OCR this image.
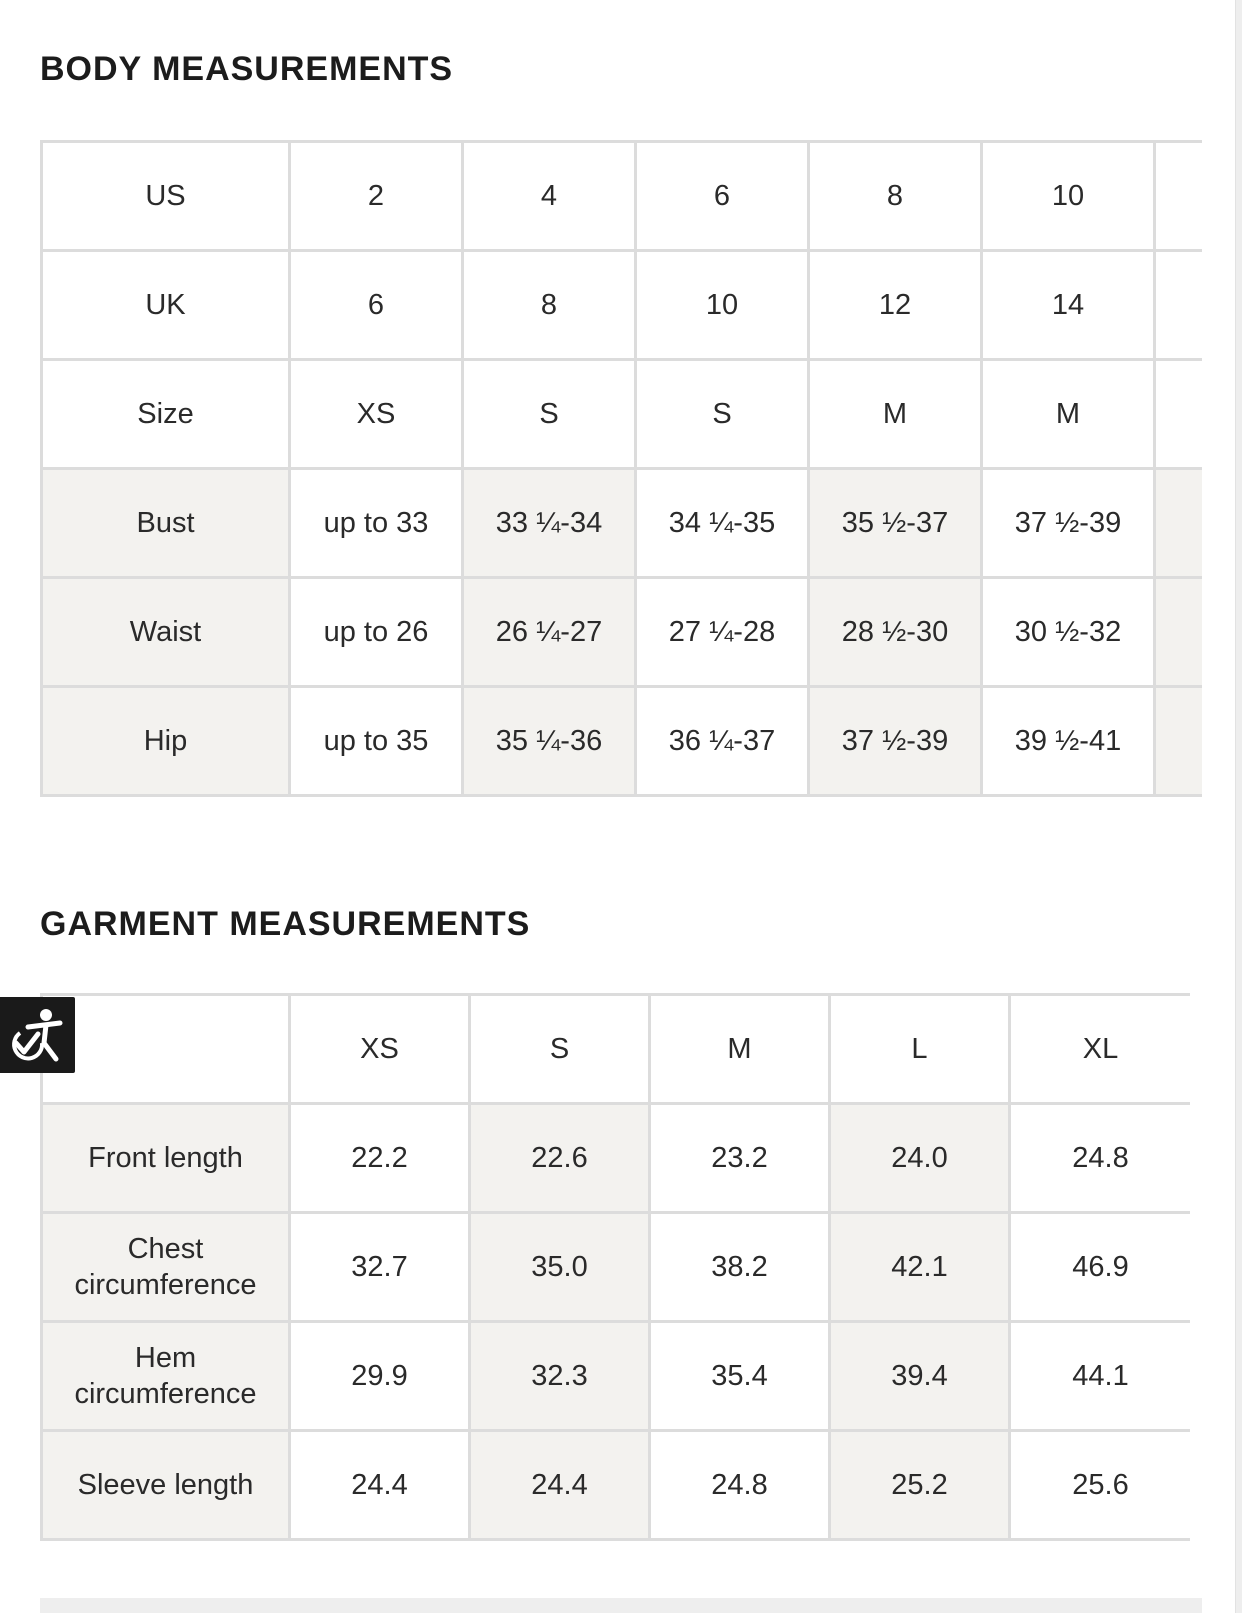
BODY MEASUREMENTS
US	2	4	6	8	10	
UK	6	8	10	12	14	
Size	XS	S	S	M	M	
Bust	up to 33	33 ¼-34	34 ¼-35	35 ½-37	37 ½-39	
Waist	up to 26	26 ¼-27	27 ¼-28	28 ½-30	30 ½-32	
Hip	up to 35	35 ¼-36	36 ¼-37	37 ½-39	39 ½-41	
GARMENT MEASUREMENTS
	XS	S	M	L	XL
Front length	22.2	22.6	23.2	24.0	24.8
Chest circumference	32.7	35.0	38.2	42.1	46.9
Hem circumference	29.9	32.3	35.4	39.4	44.1
Sleeve length	24.4	24.4	24.8	25.2	25.6
